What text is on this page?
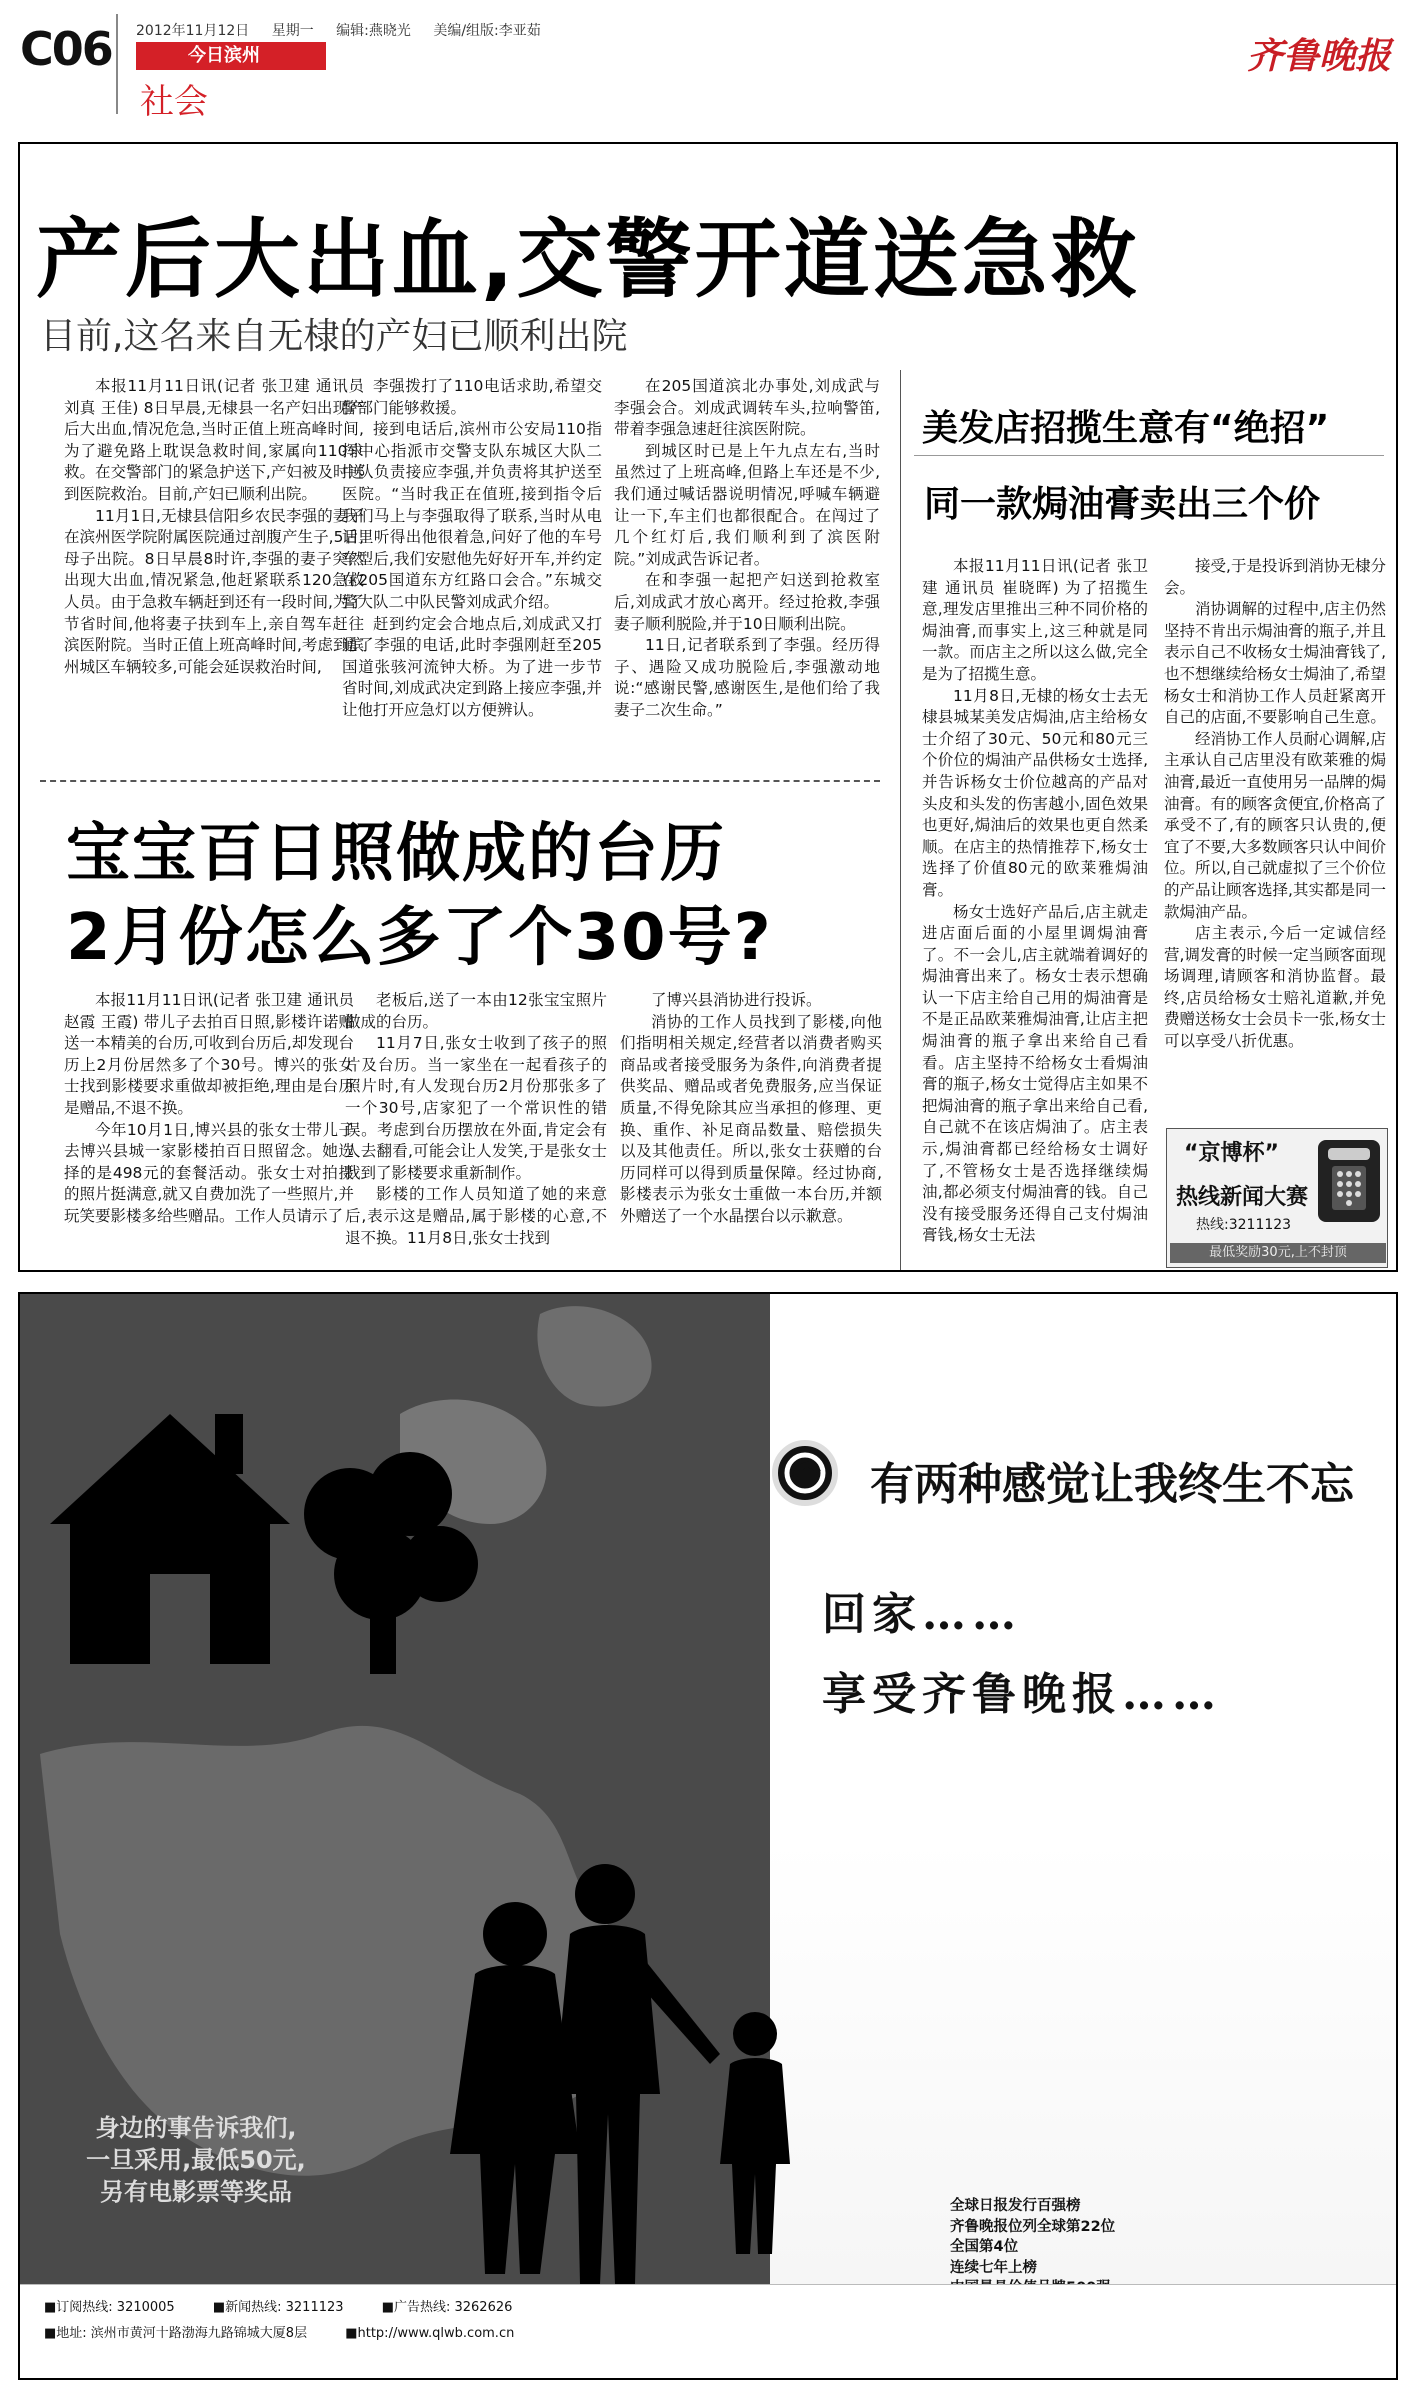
C06 2012年11月12日 星期一 编辑:燕晓光 美编/组版:李亚茹
今日滨州
社会
齐鲁晚报
产后大出血,交警开道送急救
目前,这名来自无棣的产妇已顺利出院

本报11月11日讯(记者 张卫建 通讯员 刘真 王佳) 8日早晨,无棣县一名产妇出现产后大出血,情况危急,当时正值上班高峰时间,为了避免路上耽误急救时间,家属向110求救。在交警部门的紧急护送下,产妇被及时送到医院救治。目前,产妇已顺利出院。

11月1日,无棣县信阳乡农民李强的妻子在滨州医学院附属医院通过剖腹产生子,5日,母子出院。8日早晨8时许,李强的妻子突然出现大出血,情况紧急,他赶紧联系120急救人员。由于急救车辆赶到还有一段时间,为了节省时间,他将妻子扶到车上,亲自驾车赶往滨医附院。当时正值上班高峰时间,考虑到滨州城区车辆较多,可能会延误救治时间,

李强拨打了110电话求助,希望交警部门能够救援。

接到电话后,滨州市公安局110指挥中心指派市交警支队东城区大队二中队负责接应李强,并负责将其护送至医院。“当时我正在值班,接到指令后我们马上与李强取得了联系,当时从电话里听得出他很着急,问好了他的车号车型后,我们安慰他先好好开车,并约定在205国道东方红路口会合。”东城交警大队二中队民警刘成武介绍。

赶到约定会合地点后,刘成武又打通了李强的电话,此时李强刚赶至205国道张骇河流钟大桥。为了进一步节省时间,刘成武决定到路上接应李强,并让他打开应急灯以方便辨认。

在205国道滨北办事处,刘成武与李强会合。刘成武调转车头,拉响警笛,带着李强急速赶往滨医附院。

到城区时已是上午九点左右,当时虽然过了上班高峰,但路上车还是不少,我们通过喊话器说明情况,呼喊车辆避让一下,车主们也都很配合。在闯过了几个红灯后,我们顺利到了滨医附院。”刘成武告诉记者。

在和李强一起把产妇送到抢救室后,刘成武才放心离开。经过抢救,李强妻子顺利脱险,并于10日顺利出院。

11日,记者联系到了李强。经历得子、遇险又成功脱险后,李强激动地说:“感谢民警,感谢医生,是他们给了我妻子二次生命。”

宝宝百日照做成的台历
2月份怎么多了个30号?

本报11月11日讯(记者 张卫建 通讯员 赵霞 王霞) 带儿子去拍百日照,影楼许诺赠送一本精美的台历,可收到台历后,却发现台历上2月份居然多了个30号。博兴的张女士找到影楼要求重做却被拒绝,理由是台历是赠品,不退不换。

今年10月1日,博兴县的张女士带儿子去博兴县城一家影楼拍百日照留念。她选择的是498元的套餐活动。张女士对拍摄的照片挺满意,就又自费加洗了一些照片,并玩笑要影楼多给些赠品。工作人员请示了

老板后,送了一本由12张宝宝照片做成的台历。

11月7日,张女士收到了孩子的照片及台历。当一家坐在一起看孩子的照片时,有人发现台历2月份那张多了一个30号,店家犯了一个常识性的错误。考虑到台历摆放在外面,肯定会有人去翻看,可能会让人发笑,于是张女士找到了影楼要求重新制作。

影楼的工作人员知道了她的来意后,表示这是赠品,属于影楼的心意,不退不换。11月8日,张女士找到

了博兴县消协进行投诉。

消协的工作人员找到了影楼,向他们指明相关规定,经营者以消费者购买商品或者接受服务为条件,向消费者提供奖品、赠品或者免费服务,应当保证质量,不得免除其应当承担的修理、更换、重作、补足商品数量、赔偿损失以及其他责任。所以,张女士获赠的台历同样可以得到质量保障。经过协商,影楼表示为张女士重做一本台历,并额外赠送了一个水晶摆台以示歉意。

美发店招揽生意有“绝招”
同一款焗油膏卖出三个价

本报11月11日讯(记者 张卫建 通讯员 崔晓晖) 为了招揽生意,理发店里推出三种不同价格的焗油膏,而事实上,这三种就是同一款。而店主之所以这么做,完全是为了招揽生意。

11月8日,无棣的杨女士去无棣县城某美发店焗油,店主给杨女士介绍了30元、50元和80元三个价位的焗油产品供杨女士选择,并告诉杨女士价位越高的产品对头皮和头发的伤害越小,固色效果也更好,焗油后的效果也更自然柔顺。在店主的热情推荐下,杨女士选择了价值80元的欧莱雅焗油膏。

杨女士选好产品后,店主就走进店面后面的小屋里调焗油膏了。不一会儿,店主就端着调好的焗油膏出来了。杨女士表示想确认一下店主给自己用的焗油膏是不是正品欧莱雅焗油膏,让店主把焗油膏的瓶子拿出来给自己看看。店主坚持不给杨女士看焗油膏的瓶子,杨女士觉得店主如果不把焗油膏的瓶子拿出来给自己看,自己就不在该店焗油了。店主表示,焗油膏都已经给杨女士调好了,不管杨女士是否选择继续焗油,都必须支付焗油膏的钱。自己没有接受服务还得自己支付焗油膏钱,杨女士无法

接受,于是投诉到消协无棣分会。

消协调解的过程中,店主仍然坚持不肯出示焗油膏的瓶子,并且表示自己不收杨女士焗油膏钱了,也不想继续给杨女士焗油了,希望杨女士和消协工作人员赶紧离开自己的店面,不要影响自己生意。

经消协工作人员耐心调解,店主承认自己店里没有欧莱雅的焗油膏,最近一直使用另一品牌的焗油膏。有的顾客贪便宜,价格高了承受不了,有的顾客只认贵的,便宜了不要,大多数顾客只认中间价位。所以,自己就虚拟了三个价位的产品让顾客选择,其实都是同一款焗油产品。

店主表示,今后一定诚信经营,调发膏的时候一定当顾客面现场调理,请顾客和消协监督。最终,店员给杨女士赔礼道歉,并免费赠送杨女士会员卡一张,杨女士可以享受八折优惠。

“京博杯”
热线新闻大赛
热线:3211123
最低奖励30元,上不封顶
有两种感觉让我终生不忘
回家……
享受齐鲁晚报……
身边的事告诉我们,
一旦采用,最低50元,
另有电影票等奖品	全球日报发行百强榜
齐鲁晚报位列全球第22位
全国第4位
连续七年上榜
■订阅热线: 3210005	■新闻热线: 3211123	■广告热线: 3262626
■地址: 滨州市黄河十路渤海九路锦城大厦8层	■http://www.qlwb.com.cn
